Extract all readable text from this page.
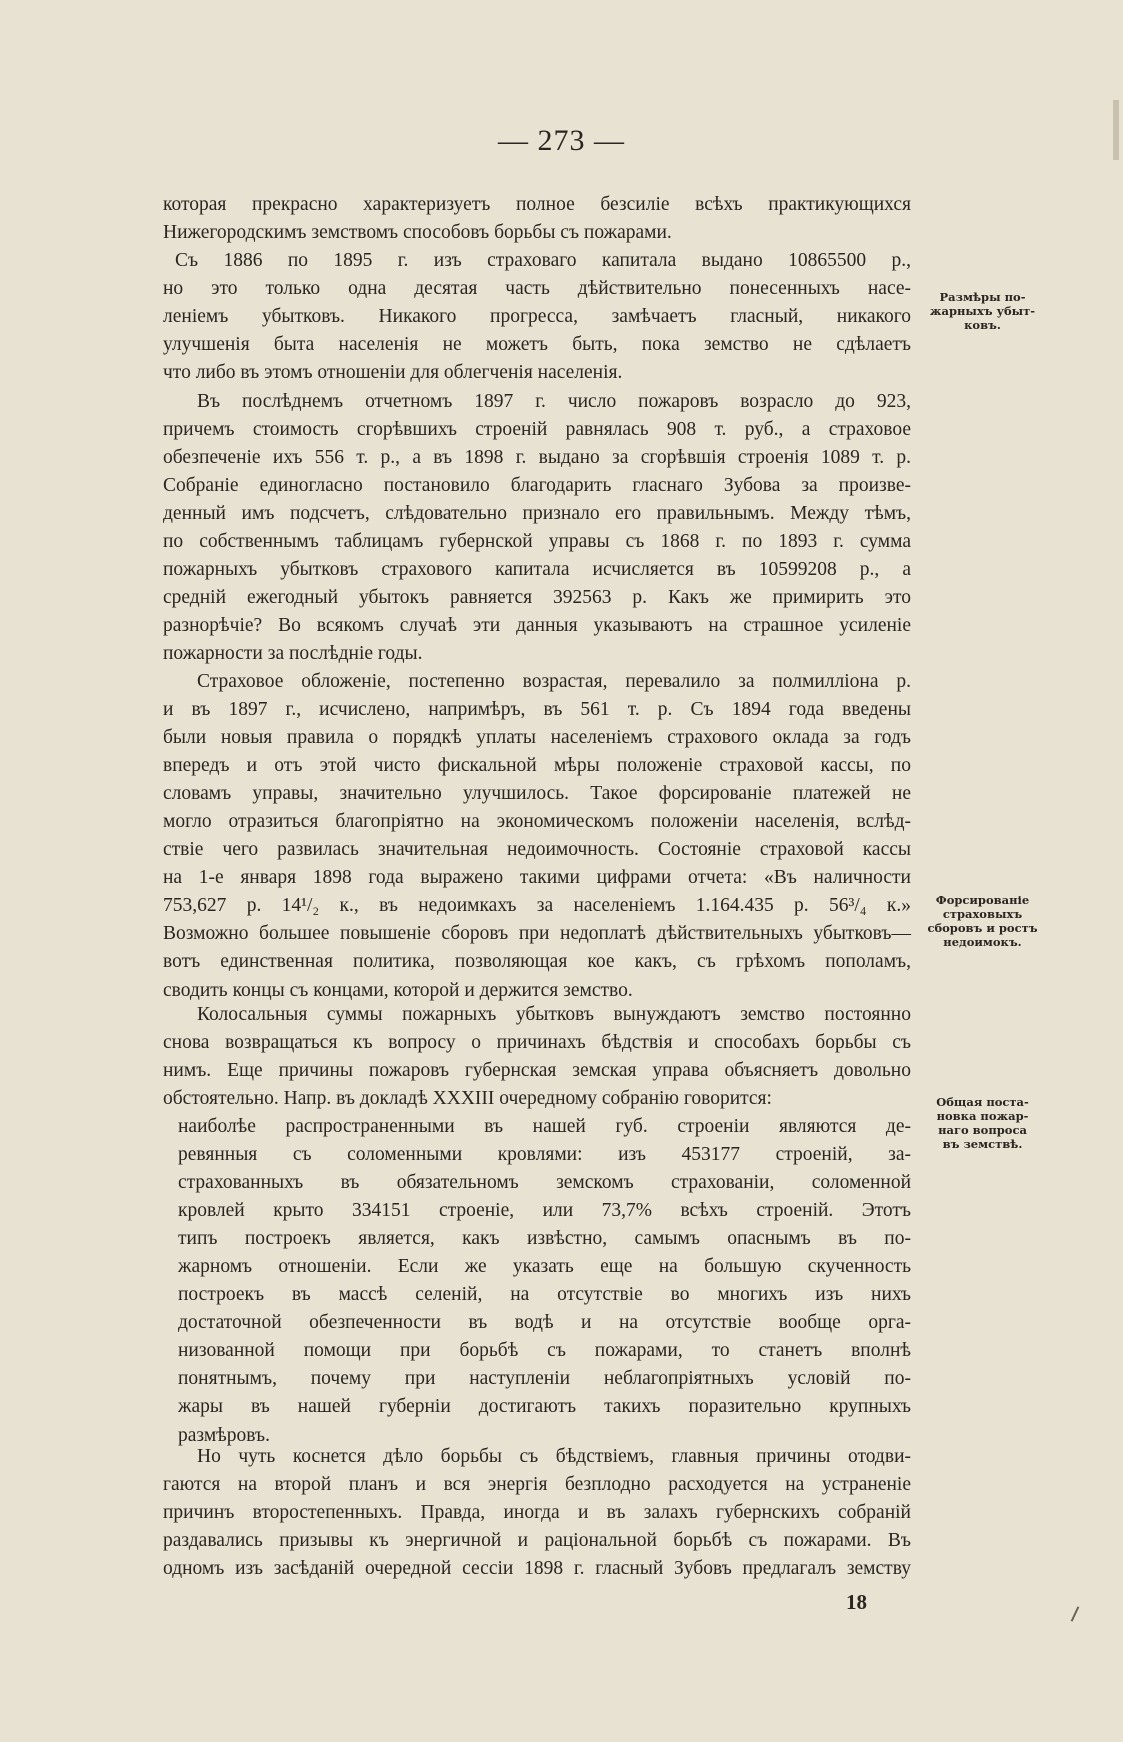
— 273 —
которая прекрасно характеризуетъ полное безсиліе всѣхъ практикующихся
Нижегородскимъ земствомъ способовъ борьбы съ пожарами.
Съ 1886 по 1895 г. изъ страховаго капитала выдано 10865500 р.,
но это только одна десятая часть дѣйствительно понесенныхъ насе-
леніемъ убытковъ. Никакого прогресса, замѣчаетъ гласный, никакого
улучшенія быта населенія не можетъ быть, пока земство не сдѣлаетъ
что либо въ этомъ отношеніи для облегченія населенія.
Въ послѣднемъ отчетномъ 1897 г. число пожаровъ возрасло до 923,
причемъ стоимость сгорѣвшихъ строеній равнялась 908 т. руб., а страховое
обезпеченіе ихъ 556 т. р., а въ 1898 г. выдано за сгорѣвшія строенія 1089 т. р.
Собраніе единогласно постановило благодарить гласнаго Зубова за произве-
денный имъ подсчетъ, слѣдовательно признало его правильнымъ. Между тѣмъ,
по собственнымъ таблицамъ губернской управы съ 1868 г. по 1893 г. сумма
пожарныхъ убытковъ страхового капитала исчисляется въ 10599208 р., а
среднiй ежегодный убытокъ равняется 392563 р. Какъ же примирить это
разнорѣчіе? Во всякомъ случаѣ эти данныя указываютъ на страшное усиленіе
пожарности за послѣдніе годы.
Страховое обложеніе, постепенно возрастая, перевалило за полмилліона р.
и въ 1897 г., исчислено, напримѣръ, въ 561 т. р. Съ 1894 года введены
были новыя правила о порядкѣ уплаты населеніемъ страхового оклада за годъ
впередъ и отъ этой чисто фискальной мѣры положеніе страховой кассы, по
словамъ управы, значительно улучшилось. Такое форсированіе платежей не
могло отразиться благопріятно на экономическомъ положеніи населенія, вслѣд-
ствіе чего развилась значительная недоимочность. Состояніе страховой кассы
на 1-е января 1898 года выражено такими цифрами отчета: «Въ наличности
753,627 р. 14¹/₂ к., въ недоимкахъ за населеніемъ 1.164.435 р. 56³/₄ к.»
Возможно большее повышеніе сборовъ при недоплатѣ дѣйствительныхъ убытковъ—
вотъ единственная политика, позволяющая кое какъ, съ грѣхомъ пополамъ,
сводить концы съ концами, которой и держится земство.
Колосальныя суммы пожарныхъ убытковъ вынуждаютъ земство постоянно
снова возвращаться къ вопросу о причинахъ бѣдствія и способахъ борьбы съ
нимъ. Еще причины пожаровъ губернская земская управа объясняетъ довольно
обстоятельно. Напр. въ докладѣ XXXIII очередному собранію говорится:
наиболѣе распространенными въ нашей губ. строеніи являются де-
ревянныя съ соломенными кровлями: изъ 453177 строеній, за-
страхованныхъ въ обязательномъ земскомъ страхованіи, соломенной
кровлей крыто 334151 строеніе, или 73,7% всѣхъ строеній. Этотъ
типъ построекъ является, какъ извѣстно, самымъ опаснымъ въ по-
жарномъ отношеніи. Если же указать еще на большую скученность
построекъ въ массѣ селеній, на отсутствіе во многихъ изъ нихъ
достаточной обезпеченности въ водѣ и на отсутствіе вообще орга-
низованной помощи при борьбѣ съ пожарами, то станетъ вполнѣ
понятнымъ, почему при наступленіи неблагопріятныхъ условій по-
жары въ нашей губерніи достигаютъ такихъ поразительно крупныхъ
размѣровъ.
Но чуть коснется дѣло борьбы съ бѣдствіемъ, главныя причины отодви-
гаются на второй планъ и вся энергія безплодно расходуется на устраненіе
причинъ второстепенныхъ. Правда, иногда и въ залахъ губернскихъ собраній
раздавались призывы къ энергичной и раціональной борьбѣ съ пожарами. Въ
одномъ изъ засѣданій очередной сессіи 1898 г. гласный Зубовъ предлагалъ земству
Размѣры по-
жарныхъ убыт-
ковъ.
Форсированіе
страховыхъ
сборовъ и ростъ
недоимокъ.
Общая поста-
новка пожар-
наго вопроса
въ земствѣ.
18
